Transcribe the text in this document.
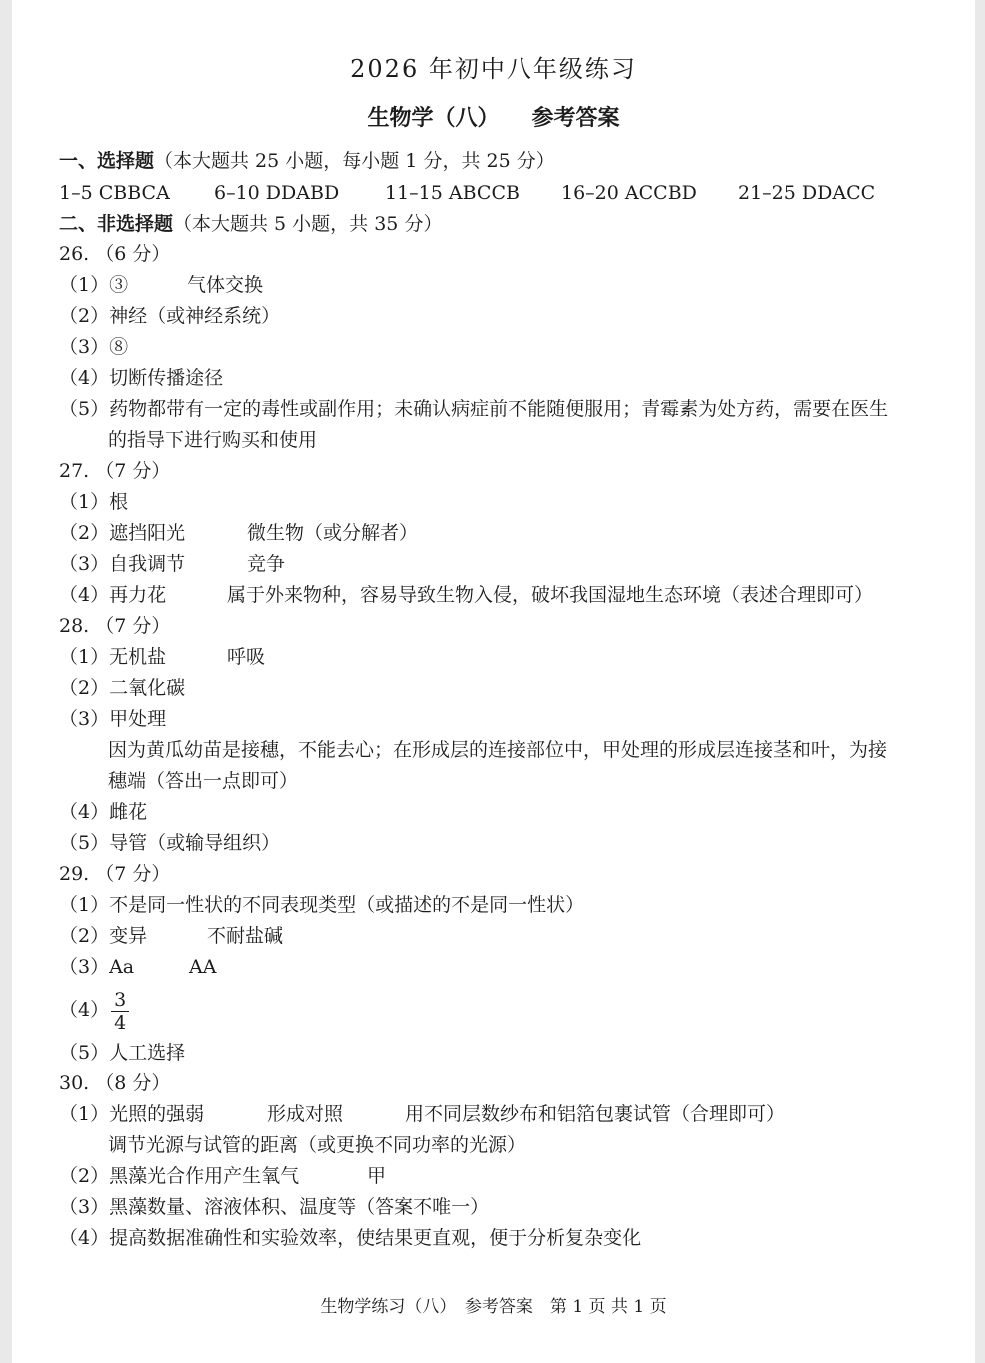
2026 年初中八年级练习
生物学（八） 参考答案
一、选择题（本大题共 25 小题，每小题 1 分，共 25 分）
1–5 CBBCA 6–10 DDABD 11–15 ABCCB 16–20 ACCBD 21–25 DDACC
二、非选择题（本大题共 5 小题，共 35 分）
26. （6 分）
（1）③	气体交换
（2）神经（或神经系统）
（3）⑧
（4）切断传播途径
（5）药物都带有一定的毒性或副作用；未确认病症前不能随便服用；青霉素为处方药，需要在医生
的指导下进行购买和使用
27. （7 分）
（1）根
（2）遮挡阳光	微生物（或分解者）
（3）自我调节	竞争
（4）再力花	属于外来物种，容易导致生物入侵，破坏我国湿地生态环境（表述合理即可）
28. （7 分）
（1）无机盐	呼吸
（2）二氧化碳
（3）甲处理
因为黄瓜幼苗是接穗，不能去心；在形成层的连接部位中，甲处理的形成层连接茎和叶，为接
穗端（答出一点即可）
（4）雌花
（5）导管（或输导组织）
29. （7 分）
（1）不是同一性状的不同表现类型（或描述的不是同一性状）
（2）变异	不耐盐碱
（3）Aa	AA
$(4) \frac{3}{4}$
（5）人工选择
30. （8 分）
（1）光照的强弱	形成对照	用不同层数纱布和铝箔包裹试管（合理即可）
调节光源与试管的距离（或更换不同功率的光源）
（2）黑藻光合作用产生氧气	甲
（3）黑藻数量、溶液体积、温度等（答案不唯一）
（4）提高数据准确性和实验效率，使结果更直观，便于分析复杂变化
生物学练习（八）　参考答案　第 1 页 共 1 页
